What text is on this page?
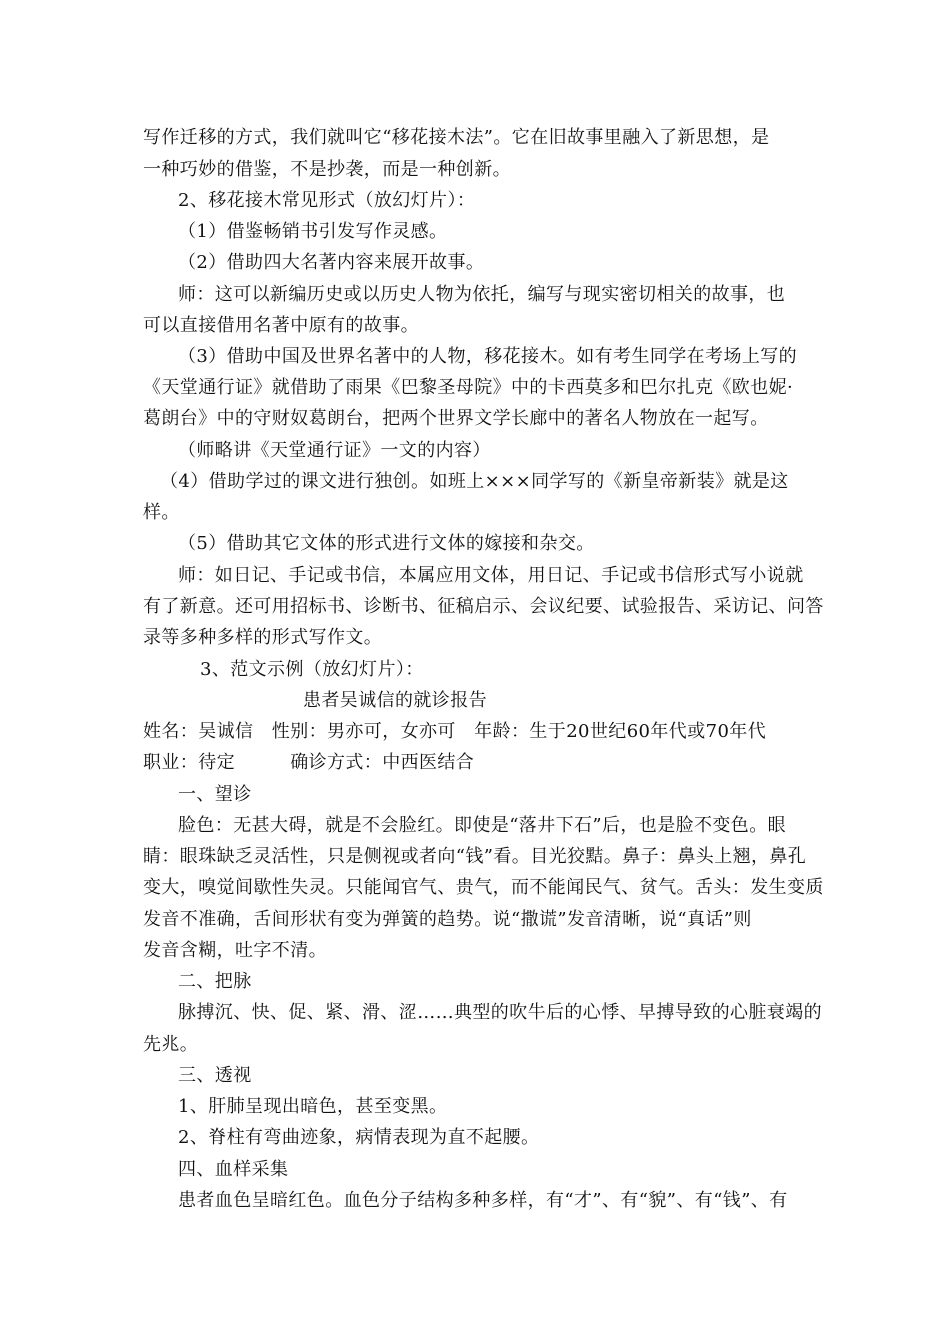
写作迁移的方式，我们就叫它“移花接木法”。它在旧故事里融入了新思想，是
一种巧妙的借鉴，不是抄袭，而是一种创新。
2、移花接木常见形式（放幻灯片）：
（1）借鉴畅销书引发写作灵感。
（2）借助四大名著内容来展开故事。
师：这可以新编历史或以历史人物为依托，编写与现实密切相关的故事，也
可以直接借用名著中原有的故事。
（3）借助中国及世界名著中的人物，移花接木。如有考生同学在考场上写的
《天堂通行证》就借助了雨果《巴黎圣母院》中的卡西莫多和巴尔扎克《欧也妮·
葛朗台》中的守财奴葛朗台，把两个世界文学长廊中的著名人物放在一起写。
（师略讲《天堂通行证》一文的内容）
（4）借助学过的课文进行独创。如班上×××同学写的《新皇帝新装》就是这
样。
（5）借助其它文体的形式进行文体的嫁接和杂交。
师：如日记、手记或书信，本属应用文体，用日记、手记或书信形式写小说就
有了新意。还可用招标书、诊断书、征稿启示、会议纪要、试验报告、采访记、问答
录等多种多样的形式写作文。
3、范文示例（放幻灯片）：
患者吴诚信的就诊报告
姓名：吴诚信　性别：男亦可，女亦可　年龄：生于20世纪60年代或70年代
职业：待定　　　确诊方式：中西医结合
一、望诊
脸色：无甚大碍，就是不会脸红。即使是“落井下石”后，也是脸不变色。眼
睛：眼珠缺乏灵活性，只是侧视或者向“钱”看。目光狡黠。鼻子：鼻头上翘，鼻孔
变大，嗅觉间歇性失灵。只能闻官气、贵气，而不能闻民气、贫气。舌头：发生变质
发音不准确，舌间形状有变为弹簧的趋势。说“撒谎”发音清晰，说“真话”则
发音含糊，吐字不清。
二、把脉
脉搏沉、快、促、紧、滑、涩……典型的吹牛后的心悸、早搏导致的心脏衰竭的
先兆。
三、透视
1、肝肺呈现出暗色，甚至变黑。
2、脊柱有弯曲迹象，病情表现为直不起腰。
四、血样采集
患者血色呈暗红色。血色分子结构多种多样，有“才”、有“貌”、有“钱”、有
